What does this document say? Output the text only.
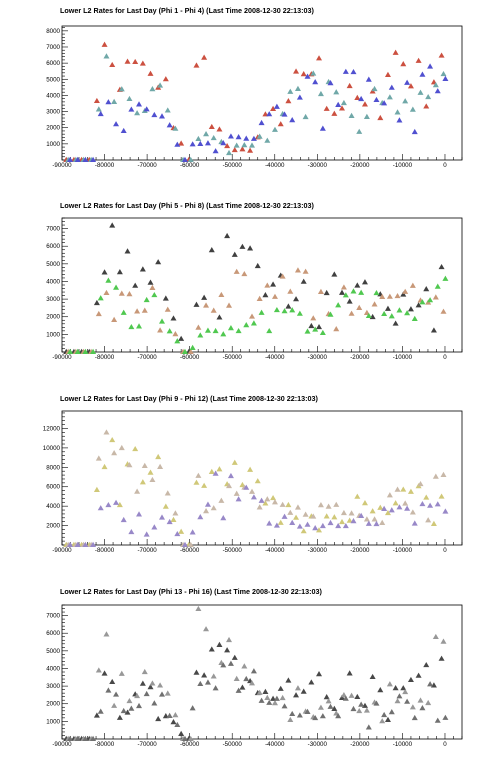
Lower L2 Rates for Last Day (Phi 1 - Phi 4) (Last Time 2008-12-30 22:13:03)
1000
2000
3000
4000
5000
6000
7000
8000
-90000	-80000	-70000	-60000	-50000	-40000	-30000	-20000	-10000	0
Lower L2 Rates for Last Day (Phi 5 - Phi 8) (Last Time 2008-12-30 22:13:03)
1000
2000
3000
4000
5000
6000
7000
-90000	-80000	-70000	-60000	-50000	-40000	-30000	-20000	-10000	0
Lower L2 Rates for Last Day (Phi 9 - Phi 12) (Last Time 2008-12-30 22:13:03)
2000
4000
6000
8000
10000
12000
-90000	-80000	-70000	-60000	-50000	-40000	-30000	-20000	-10000	0
Lower L2 Rates for Last Day (Phi 13 - Phi 16) (Last Time 2008-12-30 22:13:03)
1000
2000
3000
4000
5000
6000
7000
-90000	-80000	-70000	-60000	-50000	-40000	-30000	-20000	-10000	0
